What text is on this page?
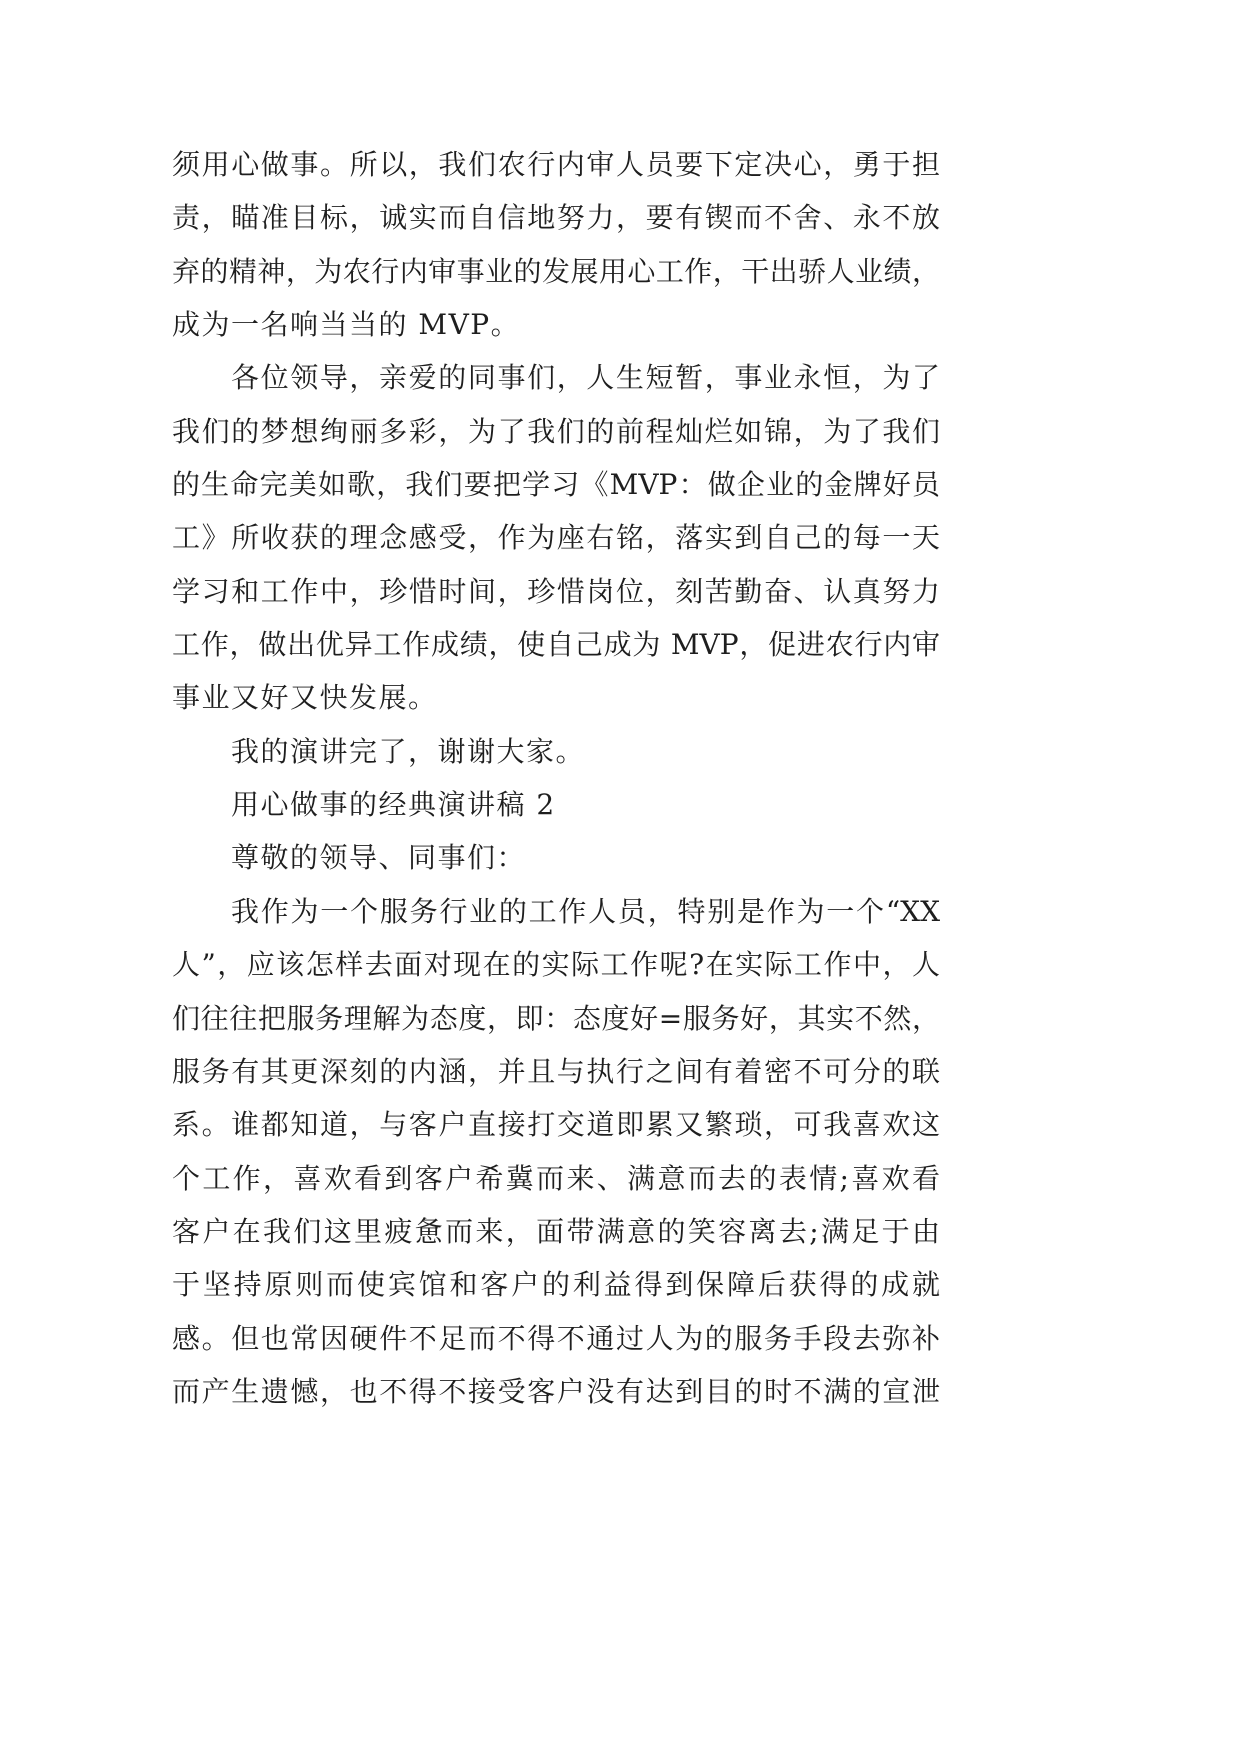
须用心做事。所以，我们农行内审人员要下定决心，勇于担
责，瞄准目标，诚实而自信地努力，要有锲而不舍、永不放
弃的精神，为农行内审事业的发展用心工作，干出骄人业绩，
成为一名响当当的 MVP。
各位领导，亲爱的同事们，人生短暂，事业永恒，为了
我们的梦想绚丽多彩，为了我们的前程灿烂如锦，为了我们
的生命完美如歌，我们要把学习《MVP：做企业的金牌好员
工》所收获的理念感受，作为座右铭，落实到自己的每一天
学习和工作中，珍惜时间，珍惜岗位，刻苦勤奋、认真努力
工作，做出优异工作成绩，使自己成为 MVP，促进农行内审
事业又好又快发展。
我的演讲完了，谢谢大家。
用心做事的经典演讲稿 2
尊敬的领导、同事们：
我作为一个服务行业的工作人员，特别是作为一个“XX
人”，应该怎样去面对现在的实际工作呢?在实际工作中，人
们往往把服务理解为态度，即：态度好=服务好，其实不然，
服务有其更深刻的内涵，并且与执行之间有着密不可分的联
系。谁都知道，与客户直接打交道即累又繁琐，可我喜欢这
个工作，喜欢看到客户希冀而来、满意而去的表情;喜欢看
客户在我们这里疲惫而来，面带满意的笑容离去;满足于由
于坚持原则而使宾馆和客户的利益得到保障后获得的成就
感。但也常因硬件不足而不得不通过人为的服务手段去弥补
而产生遗憾，也不得不接受客户没有达到目的时不满的宣泄
